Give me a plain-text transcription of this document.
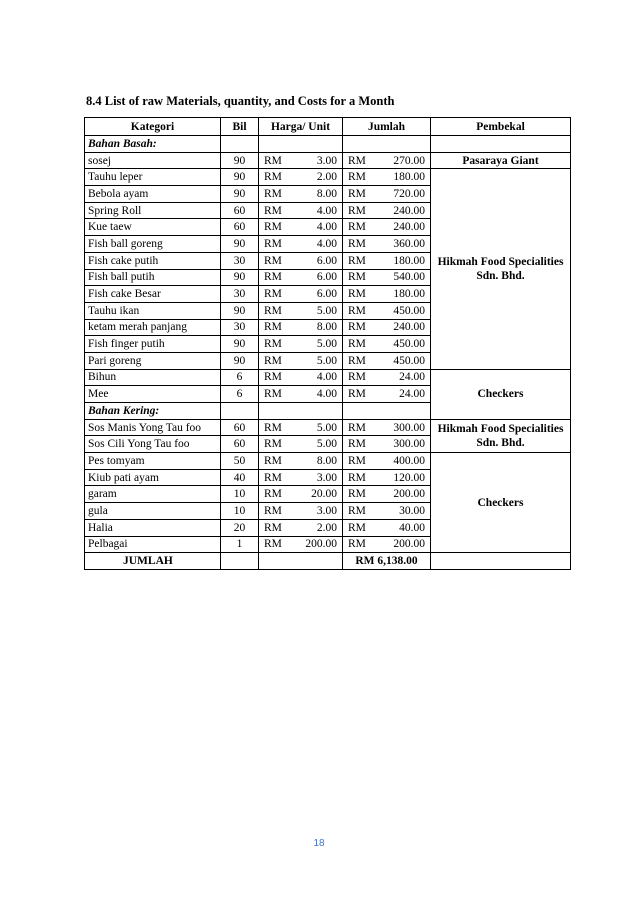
8.4 List of raw Materials, quantity, and Costs for a Month
Kategori	Bil	Harga/ Unit	Jumlah	Pembekal
Bahan Basah:				
sosej	90	RM 3.00	RM 270.00	Pasaraya Giant
Tauhu leper	90	RM 2.00	RM 180.00	Hikmah Food Specialities Sdn. Bhd.
Bebola ayam	90	RM 8.00	RM 720.00	

Spring Roll	60	RM 4.00	RM 240.00	

Kue taew	60	RM 4.00	RM 240.00	

Fish ball goreng	90	RM 4.00	RM 360.00	

Fish cake putih	30	RM 6.00	RM 180.00	

Fish ball putih	90	RM 6.00	RM 540.00	

Fish cake Besar	30	RM 6.00	RM 180.00	

Tauhu ikan	90	RM 5.00	RM 450.00	

ketam merah panjang	30	RM 8.00	RM 240.00	

Fish finger putih	90	RM 5.00	RM 450.00	

Pari goreng	90	RM 5.00	RM 450.00	

Bihun	6	RM 4.00	RM 24.00	Checkers
Mee	6	RM 4.00	RM 24.00	

Bahan Kering:				
Sos Manis Yong Tau foo	60	RM 5.00	RM 300.00	Hikmah Food Specialities Sdn. Bhd.
Sos Cili Yong Tau foo	60	RM 5.00	RM 300.00	

Pes tomyam	50	RM 8.00	RM 400.00	Checkers
Kiub pati ayam	40	RM 3.00	RM 120.00	

garam	10	RM 20.00	RM 200.00	

gula	10	RM 3.00	RM 30.00	

Halia	20	RM 2.00	RM 40.00	

Pelbagai	1	RM 200.00	RM 200.00	

JUMLAH			RM 6,138.00	
18
